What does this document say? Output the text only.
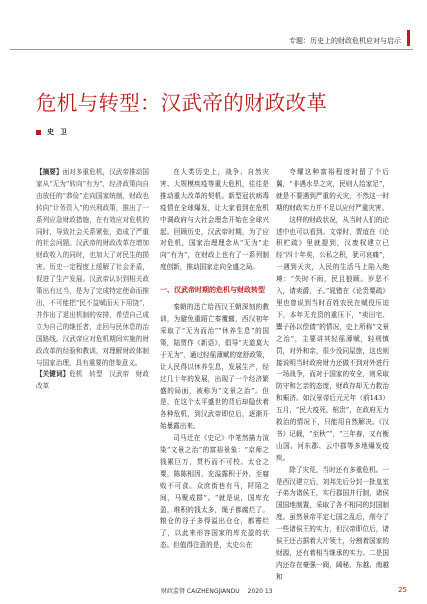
专题：历史上的财政危机应对与启示
危机与转型：汉武帝的财政改革
史卫

【摘要】面对多重危机，汉武帝推动国家从“无为”转向“有为”，经济政策向自由放任的“恭俭”走向国家统制，财政也转向“计务资入”的兴利政策，推出了一系列应急财政措施，在有效应对危机的同时，导致社会关系紧张，造成了严重的社会问题。汉武帝的财政改革在增加财政收入的同时，也加大了对民生的损害。历史一定程度上缓解了社会矛盾，促进了生产发展。汉武帝认识到相关政策出有过当，是为了完成特定使命而推出，不可能把“民不益赋而天下用饶”，并作出了退出机制的安排，希望自己成立为自己的继任者，走回与民休息的治国路线。汉武帝应对危机期间实施的财政改革的经验和教训，对理解财政体制与国家治理，具有重要的借鉴意义。

【关键词】危机　转型　汉武帝　财政改革

在人类历史上，战争、自然灾害、大规模疾疫等重大危机，往往是推动重大改革的契机。新型冠状病毒疫情在全球爆发，让大家看到在危机中调政府与大社会理念开始在全球兴起。回顾历史，汉武帝时期，为了应对危机，国家治理理念从“无为”走向“有为”，在财政上也有了一系列制度创新，推动国家走向全盛之局。

一、汉武帝时期的危机与财政转型

秦朝的迅亡给西汉王朝深刻的教训，为避免重蹈亡秦覆辙，西汉初年采取了“无为而治”“休养生息”的国策，陆贾作《新语》，倡导“夫道莫大于无为”，通过轻徭薄赋的宽舒政策，让人民得以休养生息，发展生产，经过几十年的发展，出现了一个经济繁盛的局面，被称为“文景之治”。但是，在这个太平盛世的背后却隐伏着各种危机，到汉武帝即位后，逐渐开始暴露出来。

司马迁在《史记》中笔然描力渲染“文景之治”的富裕景象：“京师之钱累巨万，贯朽而不可校。太仓之粟，陈陈相因，充溢露积于外，至腐败不可食。众庶街巷有马，阡陌之间，马聚成群”。“就是说，国库充盈，堆积的钱太多，绳子都腐烂了。粮仓的谷子多得溢出仓仓，都霉烂了，以此来形容国家的库充盈的状态。但值得注意的是，太史公在

夸耀这种富裕程度时留了个后翼，“非遇水旱之灾，民则人给家足”，就是不要遇到严重的天灾，不然这一时期的财政实力并不足以应付严重灾害。

这样的财政状况，从当时人们的论述中也可以看到。文帝时，贾谊在《论积贮疏》里就提到，汉废权建立已经“四十年矣，公私之积，犹可哀痛”，一遇到天灾，人民的生活马上陷入绝境：“失时不雨，民且狼顾。岁恶不入，请卖爵、子。”晁错在《论贵粟疏》里也曾说到当时百姓农民在赋役压迫下，本年无充资的重压下，“卖田宅、鬻子孙以偿债”的情况，史上所称“文景之治”，主要讲其轻徭薄赋，轻刑慎罚，对外和亲，很少没同屋旅，这也则接说明当时政府财力还做不到对外进行一场战争，而对于国家的安全，则采取防守和乞亲的态度，财政存却无力救治和赈济。如汉景帝后元元年（前143）五月，“民大疫死，棺贵”，在政府无力救治的情况下，只能用自然解决。《汉书》记载，“至秋”“，“三年春，又有衡山国、河东郡、云中郡等多地爆发疫疾。

除了灾荒，当时还有多重危机。一是西汉建立后，刘邦先后分封一批皇室子弟为诸侯王，实行郡国并行制，诸侯国国地制置，采取了各不相同的封国制度。虽然景帝平定七国之乱后，削夺了一些诸侯王的实力，但汉帝即位后，诸侯王还占据着大片领土，分割着国家的财源，还有着相当继承的实力。二是国内还存在豪强一阀，阔秘、东越、南越和

财政监督 CAIZHENGJIANDU 2020 13	25
